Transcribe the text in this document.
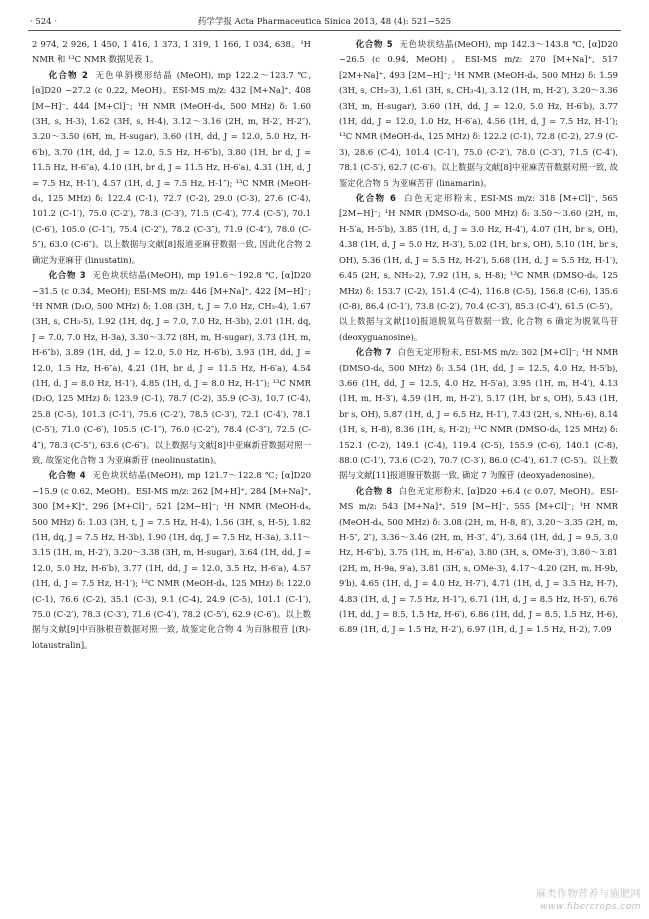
· 524 ·	药学学报 Acta Pharmaceutica Sinica 2013, 48 (4): 521−525

2 974, 2 926, 1 450, 1 416, 1 373, 1 319, 1 166, 1 034, 638。¹H NMR 和 ¹³C NMR 数据见表 1。

化合物 2 无色单斜楔形结晶 (MeOH), mp 122.2～123.7 ℃, [α]D20 −27.2 (c 0.22, MeOH)。ESI-MS m/z: 432 [M+Na]⁺, 408 [M−H]⁻, 444 [M+Cl]⁻; ¹H NMR (MeOH-d₄, 500 MHz) δ: 1.60 (3H, s, H-3), 1.62 (3H, s, H-4), 3.12～3.16 (2H, m, H-2′, H-2″), 3.20～3.50 (6H, m, H-sugar), 3.60 (1H, dd, J = 12.0, 5.0 Hz, H-6′b), 3.70 (1H, dd, J = 12.0, 5.5 Hz, H-6″b), 3.80 (1H, br d, J = 11.5 Hz, H-6″a), 4.10 (1H, br d, J = 11.5 Hz, H-6′a), 4.31 (1H, d, J = 7.5 Hz, H-1′), 4.57 (1H, d, J = 7.5 Hz, H-1″); ¹³C NMR (MeOH-d₄, 125 MHz) δ: 122.4 (C-1), 72.7 (C-2), 29.0 (C-3), 27.6 (C-4), 101.2 (C-1′), 75.0 (C-2′), 78.3 (C-3′), 71.5 (C-4′), 77.4 (C-5′), 70.1 (C-6′), 105.0 (C-1″), 75.4 (C-2″), 78.2 (C-3″), 71.9 (C-4″), 78.0 (C-5″), 63.0 (C-6″)。以上数据与文献[8]报道亚麻苷数据一致, 因此化合物 2 确定为亚麻苷 (linustatin)。

化合物 3 无色块状结晶(MeOH), mp 191.6～192.8 ℃, [α]D20 −31.5 (c 0.34, MeOH); ESI-MS m/z: 446 [M+Na]⁺, 422 [M−H]⁻; ¹H NMR (D₂O, 500 MHz) δ: 1.08 (3H, t, J = 7.0 Hz, CH₃-4), 1.67 (3H, s, CH₃-5), 1.92 (1H, dq, J = 7.0, 7.0 Hz, H-3b), 2.01 (1H, dq, J = 7.0, 7.0 Hz, H-3a), 3.30～3.72 (8H, m, H-sugar), 3.73 (1H, m, H-6″b), 3.89 (1H, dd, J = 12.0, 5.0 Hz, H-6′b), 3.93 (1H, dd, J = 12.0, 1.5 Hz, H-6″a), 4.21 (1H, br d, J = 11.5 Hz, H-6′a), 4.54 (1H, d, J = 8.0 Hz, H-1′), 4.85 (1H, d, J = 8.0 Hz, H-1″); ¹³C NMR (D₂O, 125 MHz) δ: 123.9 (C-1), 78.7 (C-2), 35.9 (C-3), 10.7 (C-4), 25.8 (C-5), 101.3 (C-1′), 75.6 (C-2′), 78.5 (C-3′), 72.1 (C-4′), 78.1 (C-5′), 71.0 (C-6′), 105.5 (C-1″), 76.0 (C-2″), 78.4 (C-3″), 72.5 (C-4″), 78.3 (C-5″), 63.6 (C-6″)。以上数据与文献[8]中亚麻新苷数据对照一致, 故鉴定化合物 3 为亚麻新苷 (neolinustatin)。

化合物 4 无色块状结晶(MeOH), mp 121.7～122.8 ℃; [α]D20 −15.9 (c 0.62, MeOH)。ESI-MS m/z: 262 [M+H]⁺, 284 [M+Na]⁺, 300 [M+K]⁺, 296 [M+Cl]⁻, 521 [2M−H]⁻; ¹H NMR (MeOH-d₄, 500 MHz) δ: 1.03 (3H, t, J = 7.5 Hz, H-4), 1.56 (3H, s, H-5), 1.82 (1H, dq, J = 7.5 Hz, H-3b), 1.90 (1H, dq, J = 7.5 Hz, H-3a), 3.11～3.15 (1H, m, H-2′), 3.20～3.38 (3H, m, H-sugar), 3.64 (1H, dd, J = 12.0, 5.0 Hz, H-6′b), 3.77 (1H, dd, J = 12.0, 3.5 Hz, H-6′a), 4.57 (1H, d, J = 7.5 Hz, H-1′); ¹³C NMR (MeOH-d₄, 125 MHz) δ: 122.0 (C-1), 76.6 (C-2), 35.1 (C-3), 9.1 (C-4), 24.9 (C-5), 101.1 (C-1′), 75.0 (C-2′), 78.3 (C-3′), 71.6 (C-4′), 78.2 (C-5′), 62.9 (C-6′)。以上数据与文献[9]中百脉根苷数据对照一致, 故鉴定化合物 4 为百脉根苷 [(R)-lotaustralin]。

化合物 5 无色块状结晶(MeOH), mp 142.3～143.8 ℃, [α]D20 −26.5 (c 0.94, MeOH)。ESI-MS m/z: 270 [M+Na]⁺, 517 [2M+Na]⁺, 493 [2M−H]⁻; ¹H NMR (MeOH-d₄, 500 MHz) δ: 1.59 (3H, s, CH₃-3), 1.61 (3H, s, CH₃-4), 3.12 (1H, m, H-2′), 3.20～3.36 (3H, m, H-sugar), 3.60 (1H, dd, J = 12.0, 5.0 Hz, H-6′b), 3.77 (1H, dd, J = 12.0, 1.0 Hz, H-6′a), 4.56 (1H, d, J = 7.5 Hz, H-1′); ¹³C NMR (MeOH-d₄, 125 MHz) δ: 122.2 (C-1), 72.8 (C-2), 27.9 (C-3), 28.6 (C-4), 101.4 (C-1′), 75.0 (C-2′), 78.0 (C-3′), 71.5 (C-4′), 78.1 (C-5′), 62.7 (C-6′)。以上数据与文献[8]中亚麻苦苷数据对照一致, 故鉴定化合物 5 为亚麻苦苷 (linamarin)。

化合物 6 白色无定形粉末, ESI-MS m/z: 318 [M+Cl]⁻, 565 [2M−H]⁻; ¹H NMR (DMSO-d₆, 500 MHz) δ: 3.50～3.60 (2H, m, H-5′a, H-5′b), 3.85 (1H, d, J = 3.0 Hz, H-4′), 4.07 (1H, br s, OH), 4.38 (1H, d, J = 5.0 Hz, H-3′), 5.02 (1H, br s, OH), 5.10 (1H, br s, OH), 5.36 (1H, d, J = 5.5 Hz, H-2′), 5.68 (1H, d, J = 5.5 Hz, H-1′), 6.45 (2H, s, NH₂-2), 7.92 (1H, s, H-8); ¹³C NMR (DMSO-d₆, 125 MHz) δ: 153.7 (C-2), 151.4 (C-4), 116.8 (C-5), 156.8 (C-6), 135.6 (C-8), 86.4 (C-1′), 73.8 (C-2′), 70.4 (C-3′), 85.3 (C-4′), 61.5 (C-5′)。以上数据与文献[10]报道脱氧鸟苷数据一致, 化合物 6 确定为脱氧鸟苷 (deoxyguanosine)。

化合物 7 白色无定形粉末, ESI-MS m/z: 302 [M+Cl]⁻; ¹H NMR (DMSO-d₆, 500 MHz) δ: 3.54 (1H, dd, J = 12.5, 4.0 Hz, H-5′b), 3.66 (1H, dd, J = 12.5, 4.0 Hz, H-5′a), 3.95 (1H, m, H-4′), 4.13 (1H, m, H-3′), 4.59 (1H, m, H-2′), 5.17 (1H, br s, OH), 5.43 (1H, br s, OH), 5.87 (1H, d, J = 6.5 Hz, H-1′), 7.43 (2H, s, NH₂-6), 8.14 (1H, s, H-8), 8.36 (1H, s, H-2); ¹³C NMR (DMSO-d₆, 125 MHz) δ: 152.1 (C-2), 149.1 (C-4), 119.4 (C-5), 155.9 (C-6), 140.1 (C-8), 88.0 (C-1′), 73.6 (C-2′), 70.7 (C-3′), 86.0 (C-4′), 61.7 (C-5′)。以上数据与文献[11]报道腺苷数据一致, 确定 7 为腺苷 (deoxyadenosine)。

化合物 8 白色无定形粉末, [α]D20 +6.4 (c 0.07, MeOH)。ESI-MS m/z: 543 [M+Na]⁺, 519 [M−H]⁻, 555 [M+Cl]⁻; ¹H NMR (MeOH-d₄, 500 MHz) δ: 3.08 (2H, m, H-8, 8′), 3.20～3.35 (2H, m, H-5″, 2″), 3.36～3.46 (2H, m, H-3″, 4″), 3.64 (1H, dd, J = 9.5, 3.0 Hz, H-6″b), 3.75 (1H, m, H-6″a), 3.80 (3H, s, OMe-3′), 3.80～3.81 (2H, m, H-9a, 9′a), 3.81 (3H, s, OMe-3), 4.17～4.20 (2H, m, H-9b, 9′b), 4.65 (1H, d, J = 4.0 Hz, H-7′), 4.71 (1H, d, J = 3.5 Hz, H-7), 4.83 (1H, d, J = 7.5 Hz, H-1″), 6.71 (1H, d, J = 8.5 Hz, H-5′), 6.76 (1H, dd, J = 8.5, 1.5 Hz, H-6′), 6.86 (1H, dd, J = 8.5, 1.5 Hz, H-6), 6.89 (1H, d, J = 1.5 Hz, H-2′), 6.97 (1H, d, J = 1.5 Hz, H-2), 7.09

麻类作物营养与施肥网
www.fibercrops.com
